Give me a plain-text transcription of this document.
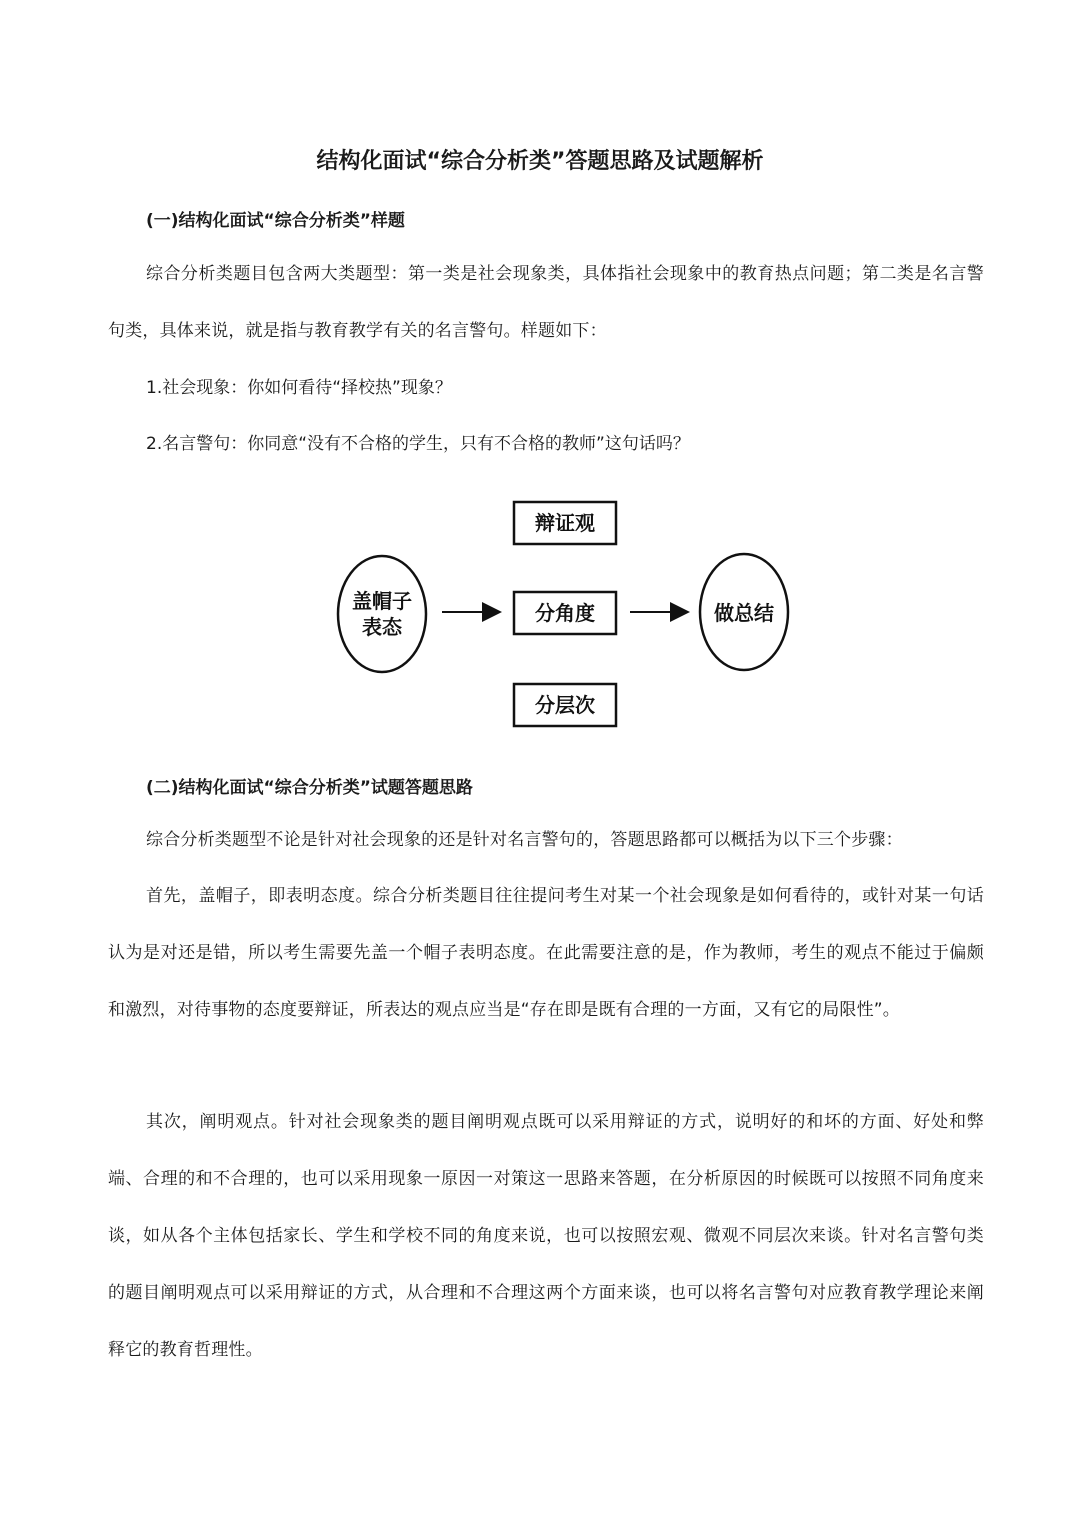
结构化面试“综合分析类”答题思路及试题解析
(一)结构化面试“综合分析类”样题

综合分析类题目包含两大类题型：第一类是社会现象类，具体指社会现象中的教育热点问题；第二类是名言警句类，具体来说，就是指与教育教学有关的名言警句。样题如下：

1.社会现象：你如何看待“择校热”现象？

2.名言警句：你同意“没有不合格的学生，只有不合格的教师”这句话吗？

盖帽子
表态
辩证观
分角度
分层次
做总结
(二)结构化面试“综合分析类”试题答题思路

综合分析类题型不论是针对社会现象的还是针对名言警句的，答题思路都可以概括为以下三个步骤：

首先，盖帽子，即表明态度。综合分析类题目往往提问考生对某一个社会现象是如何看待的，或针对某一句话认为是对还是错，所以考生需要先盖一个帽子表明态度。在此需要注意的是，作为教师，考生的观点不能过于偏颇和激烈，对待事物的态度要辩证，所表达的观点应当是“存在即是既有合理的一方面，又有它的局限性”。

其次，阐明观点。针对社会现象类的题目阐明观点既可以采用辩证的方式，说明好的和坏的方面、好处和弊端、合理的和不合理的，也可以采用现象一原因一对策这一思路来答题，在分析原因的时候既可以按照不同角度来谈，如从各个主体包括家长、学生和学校不同的角度来说，也可以按照宏观、微观不同层次来谈。针对名言警句类的题目阐明观点可以采用辩证的方式，从合理和不合理这两个方面来谈，也可以将名言警句对应教育教学理论来阐释它的教育哲理性。
